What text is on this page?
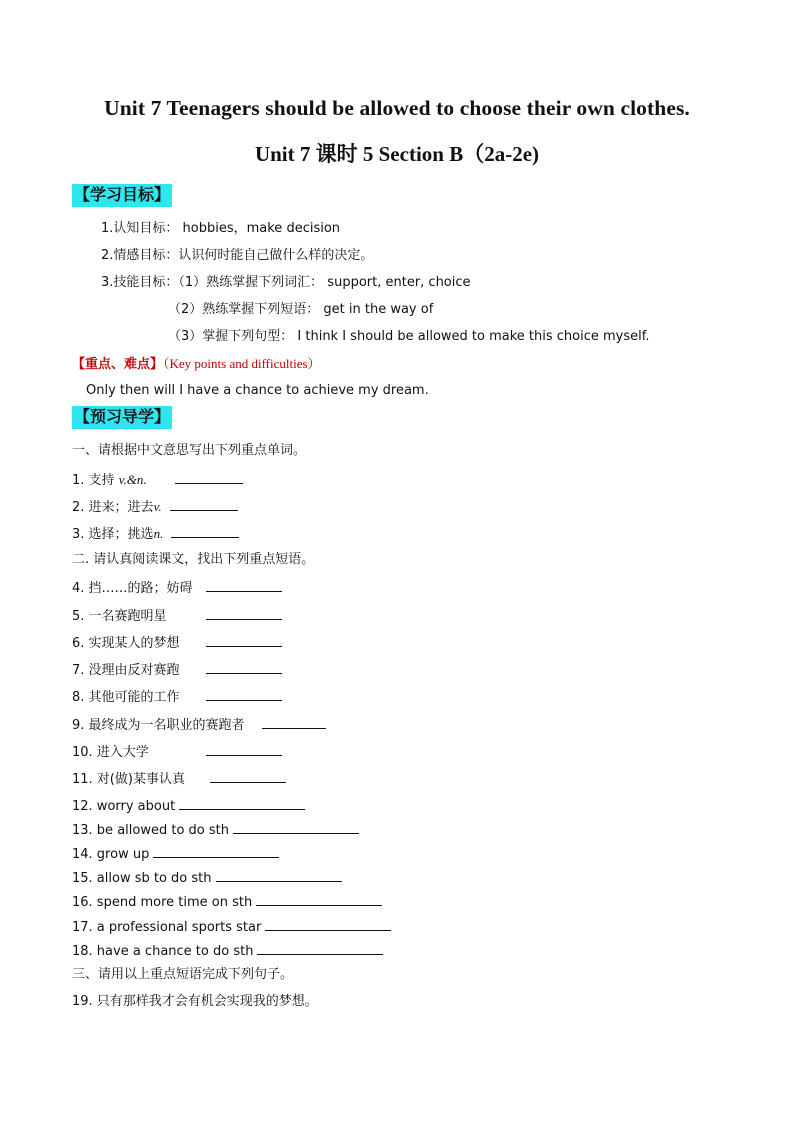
Unit 7 Teenagers should be allowed to choose their own clothes.
Unit 7 课时 5 Section B（2a-2e)
【学习目标】
1.认知目标： hobbies，make decision
2.情感目标：认识何时能自己做什么样的决定。
3.技能目标：（1）熟练掌握下列词汇： support, enter, choice
（2）熟练掌握下列短语： get in the way of
（3）掌握下列句型： I think I should be allowed to make this choice myself.
【重点、难点】（Key points and difficulties）
Only then will I have a chance to achieve my dream.
【预习导学】
一、请根据中文意思写出下列重点单词。
1. 支持 v.&n.
2. 进来；进去v.
3. 选择；挑选n.
二. 请认真阅读课文，找出下列重点短语。
4. 挡……的路；妨碍
5. 一名赛跑明星
6. 实现某人的梦想
7. 没理由反对赛跑
8. 其他可能的工作
9. 最终成为一名职业的赛跑者
10. 进入大学
11. 对(做)某事认真
12. worry about
13. be allowed to do sth
14. grow up
15. allow sb to do sth
16. spend more time on sth
17. a professional sports star
18. have a chance to do sth
三、请用以上重点短语完成下列句子。
19. 只有那样我才会有机会实现我的梦想。
